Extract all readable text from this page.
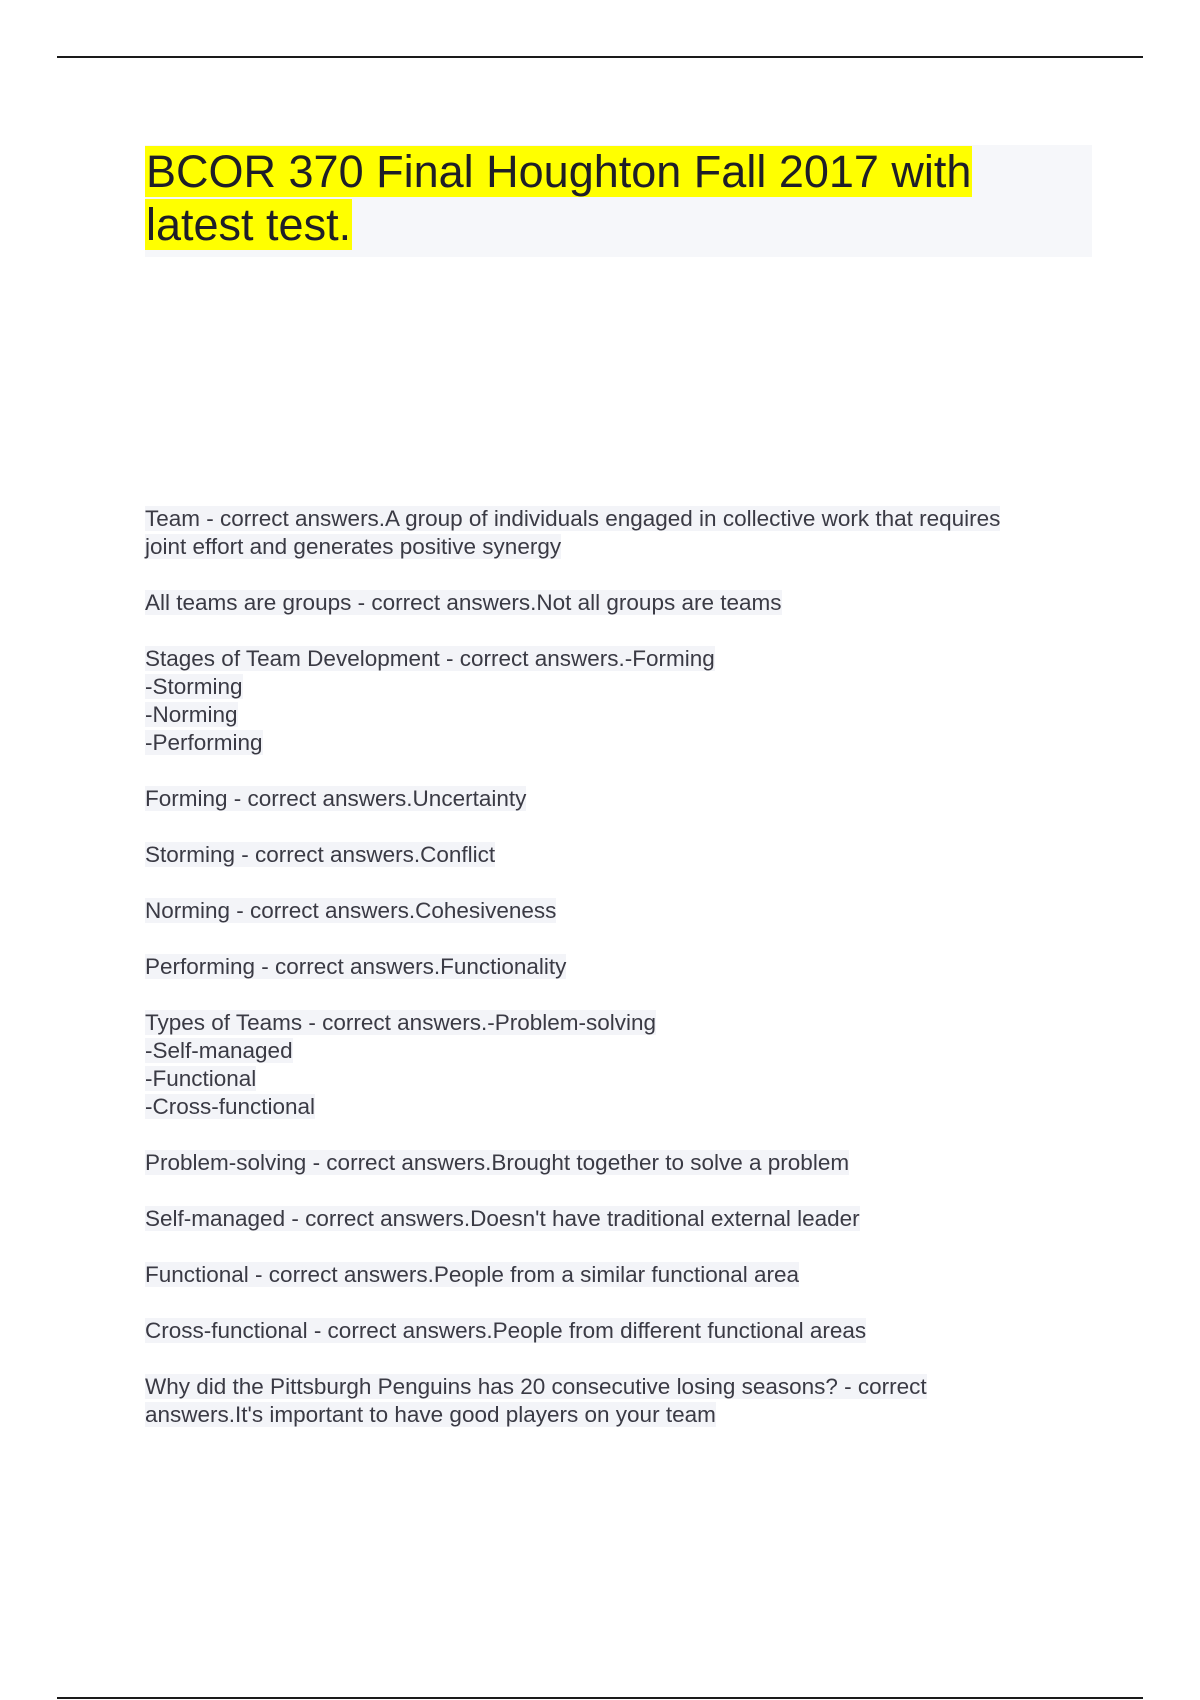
BCOR 370 Final Houghton Fall 2017 with
latest test.

Team - correct answers.A group of individuals engaged in collective work that requires
joint effort and generates positive synergy

All teams are groups - correct answers.Not all groups are teams

Stages of Team Development - correct answers.-Forming
-Storming
-Norming
-Performing

Forming - correct answers.Uncertainty

Storming - correct answers.Conflict

Norming - correct answers.Cohesiveness

Performing - correct answers.Functionality

Types of Teams - correct answers.-Problem-solving
-Self-managed
-Functional
-Cross-functional

Problem-solving - correct answers.Brought together to solve a problem

Self-managed - correct answers.Doesn't have traditional external leader

Functional - correct answers.People from a similar functional area

Cross-functional - correct answers.People from different functional areas

Why did the Pittsburgh Penguins has 20 consecutive losing seasons? - correct
answers.It's important to have good players on your team
